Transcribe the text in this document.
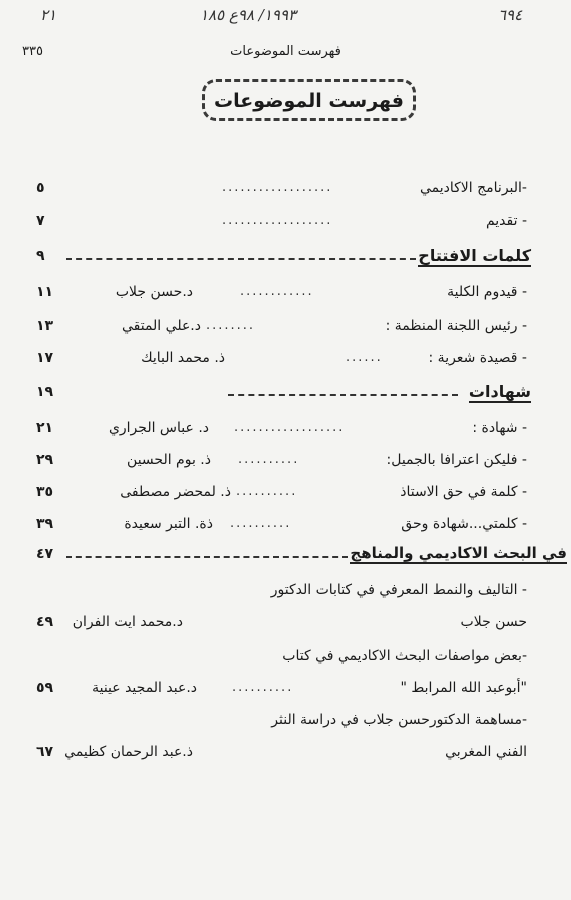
٢١	١٩٩٣/ ٩٨ع ١٨٥	٦٩٤
٣٣٥	فهرست الموضوعات
فهرست الموضوعات
٥	-البرنامج الاكاديمي
..................
٧	- تقديم
..................
٩	كلمات الافتتاح
١١	د.حسن جلاب	............	- قيدوم الكلية
١٣	د.علي المتقي ........	- رئيس اللجنة المنظمة :
١٧	ذ. محمد البايك	......	- قصيدة شعرية :
١٩	شهادات
٢١	د. عباس الجراري ..................	- شهادة :
٢٩	ذ. بوم الحسين ..........	- فليكن اعترافا بالجميل:
٣٥	ذ. لمحضر مصطفى ..........	- كلمة في حق الاستاذ
٣٩	ذة. التبر سعيدة ..........	- كلمتي...شهادة وحق
٤٧	في البحث الاكاديمي والمناهج
- التاليف والنمط المعرفي في كتابات الدكتور
٤٩ د.محمد ايت الفران	حسن جلاب
-بعض مواصفات البحث الاكاديمي في كتاب
٥٩	د.عبد المجيد عينية	..........	"أبوعبد الله المرابط "
-مساهمة الدكتورحسن جلاب في دراسة النثر
٦٧ ذ.عبد الرحمان كظيمي	الفني المغربي
